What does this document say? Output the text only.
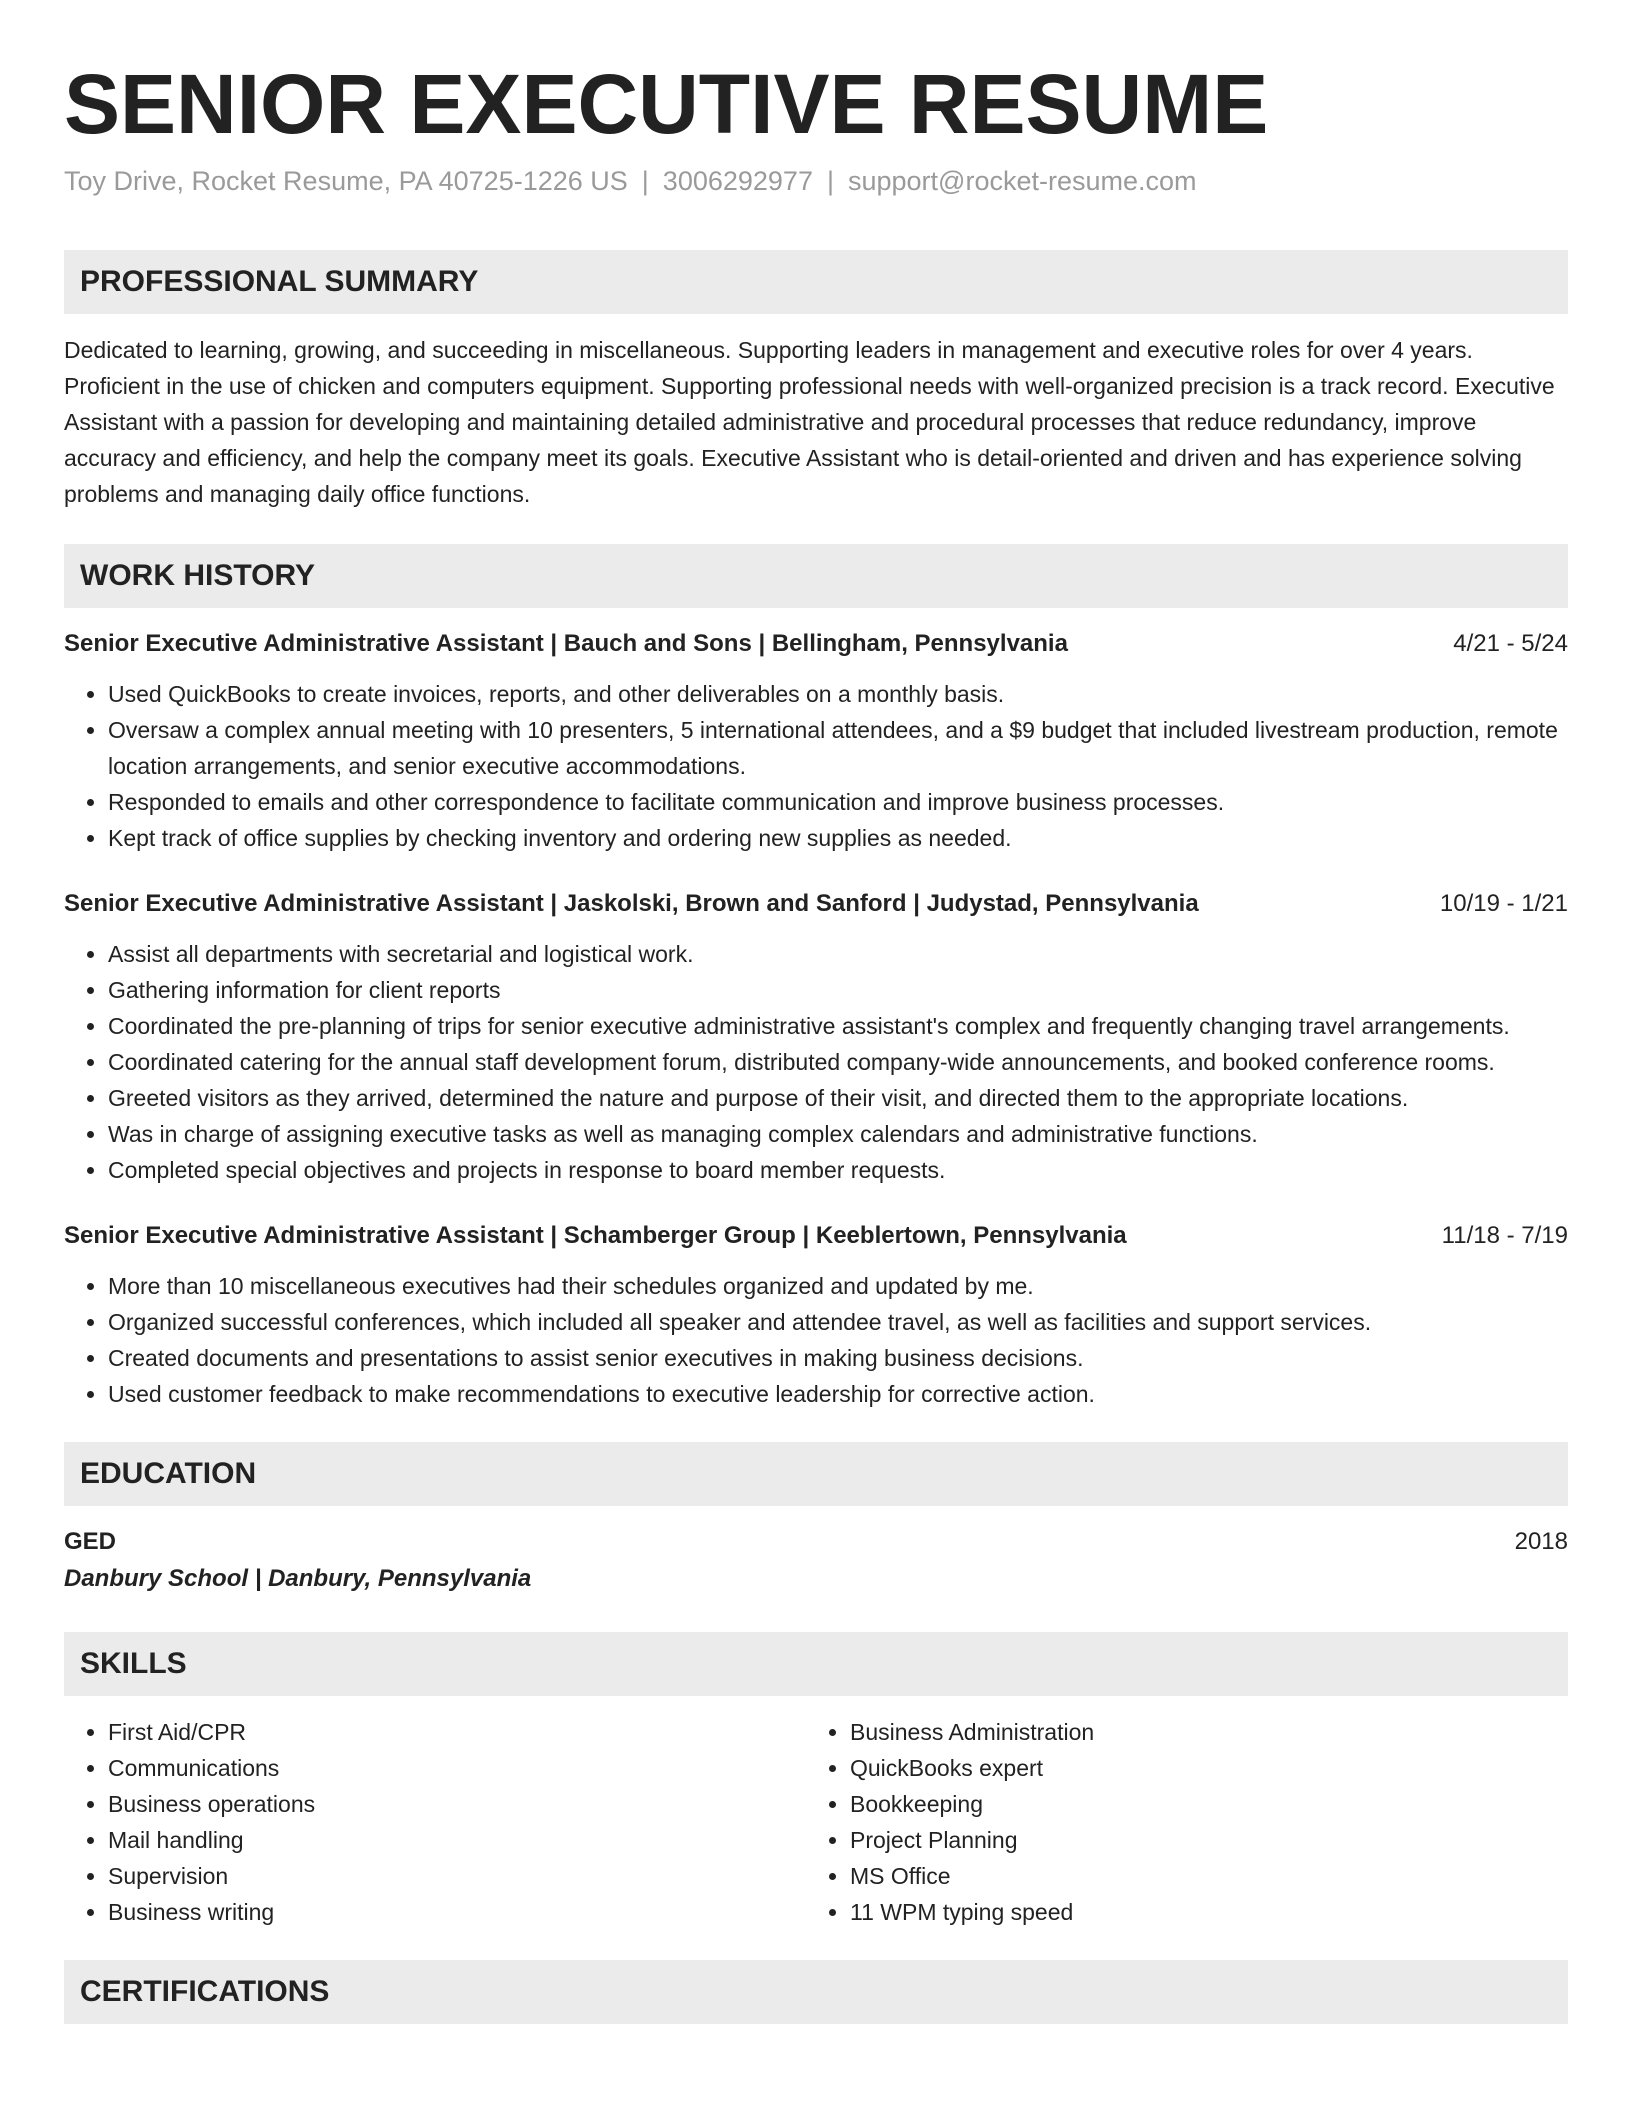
SENIOR EXECUTIVE RESUME
Toy Drive, Rocket Resume, PA 40725-1226 US | 3006292977 | support@rocket-resume.com
PROFESSIONAL SUMMARY

Dedicated to learning, growing, and succeeding in miscellaneous. Supporting leaders in management and executive roles for over 4 years. Proficient in the use of chicken and computers equipment. Supporting professional needs with well-organized precision is a track record. Executive Assistant with a passion for developing and maintaining detailed administrative and procedural processes that reduce redundancy, improve accuracy and efficiency, and help the company meet its goals. Executive Assistant who is detail-oriented and driven and has experience solving problems and managing daily office functions.

WORK HISTORY
Senior Executive Administrative Assistant | Bauch and Sons | Bellingham, Pennsylvania	4/21 - 5/24
• Used QuickBooks to create invoices, reports, and other deliverables on a monthly basis.
• Oversaw a complex annual meeting with 10 presenters, 5 international attendees, and a $9 budget that included livestream production, remote location arrangements, and senior executive accommodations.
• Responded to emails and other correspondence to facilitate communication and improve business processes.
• Kept track of office supplies by checking inventory and ordering new supplies as needed.
Senior Executive Administrative Assistant | Jaskolski, Brown and Sanford | Judystad, Pennsylvania	10/19 - 1/21
• Assist all departments with secretarial and logistical work.
• Gathering information for client reports
• Coordinated the pre-planning of trips for senior executive administrative assistant's complex and frequently changing travel arrangements.
• Coordinated catering for the annual staff development forum, distributed company-wide announcements, and booked conference rooms.
• Greeted visitors as they arrived, determined the nature and purpose of their visit, and directed them to the appropriate locations.
• Was in charge of assigning executive tasks as well as managing complex calendars and administrative functions.
• Completed special objectives and projects in response to board member requests.
Senior Executive Administrative Assistant | Schamberger Group | Keeblertown, Pennsylvania	11/18 - 7/19
• More than 10 miscellaneous executives had their schedules organized and updated by me.
• Organized successful conferences, which included all speaker and attendee travel, as well as facilities and support services.
• Created documents and presentations to assist senior executives in making business decisions.
• Used customer feedback to make recommendations to executive leadership for corrective action.
EDUCATION
GED	2018
Danbury School | Danbury, Pennsylvania
SKILLS
• First Aid/CPR
• Communications
• Business operations
• Mail handling
• Supervision
• Business writing
• Business Administration
• QuickBooks expert
• Bookkeeping
• Project Planning
• MS Office
• 11 WPM typing speed
CERTIFICATIONS
